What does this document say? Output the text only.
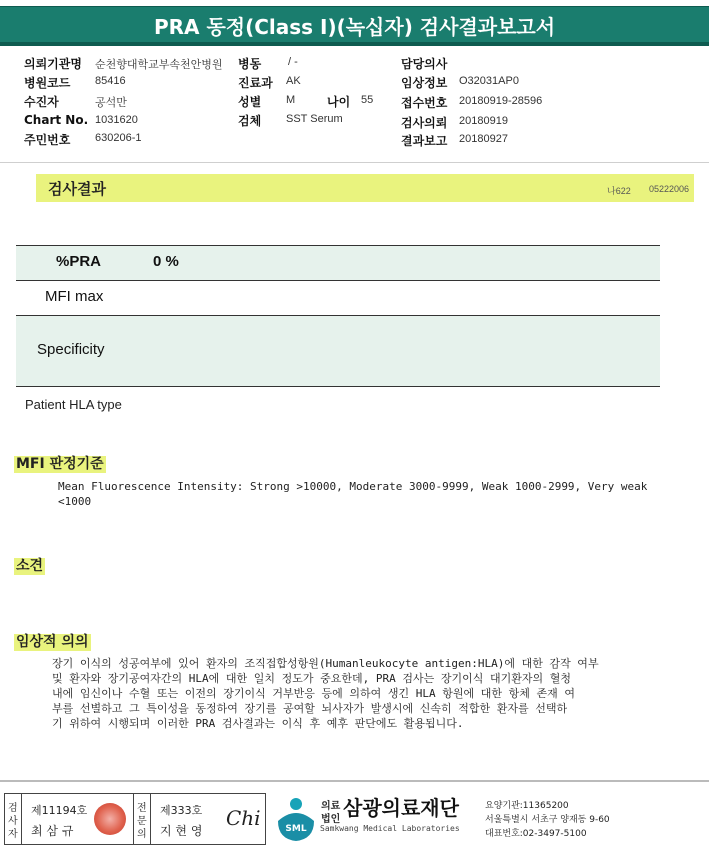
PRA 동정(Class I)(녹십자) 검사결과보고서
의뢰기관명 순천향대학교부속천안병원
병원코드 85416
수진자	공석만
Chart No. 1031620
주민번호 630206-1
병동 / -
진료과 AK
성별 M	나이 55
검체 SST Serum
담당의사
임상정보 O32031AP0
접수번호 20180919-28596
검사의뢰 20180919
결과보고 20180927
검사결과	나622 05222006
%PRA	0 %
MFI max
Specificity
Patient HLA type
MFI 판정기준
Mean Fluorescence Intensity: Strong >10000, Moderate 3000-9999, Weak 1000-2999, Very weak
<1000
소견
임상적 의의
장기 이식의 성공여부에 있어 환자의 조직접합성항원(Humanleukocyte antigen:HLA)에 대한 감작 여부
및 환자와 장기공여자간의 HLA에 대한 일치 정도가 중요한데, PRA 검사는 장기이식 대기환자의 혈청
내에 임신이나 수혈 또는 이전의 장기이식 거부반응 등에 의하여 생긴 HLA 항원에 대한 항체 존재 여
부를 선별하고 그 특이성을 동정하여 장기를 공여할 뇌사자가 발생시에 신속히 적합한 환자를 선택하
기 위하여 시행되며 이러한 PRA 검사결과는 이식 후 예후 판단에도 활용됩니다.
검
사
자
제11194호
최 삼 규
전
문
의
제333호
지 현 영
Chi	SML
의료
법인 삼광의료재단
Samkwang Medical Laboratories
요양기관:11365200
서울특별시 서초구 양재동 9-60
대표번호:02-3497-5100
